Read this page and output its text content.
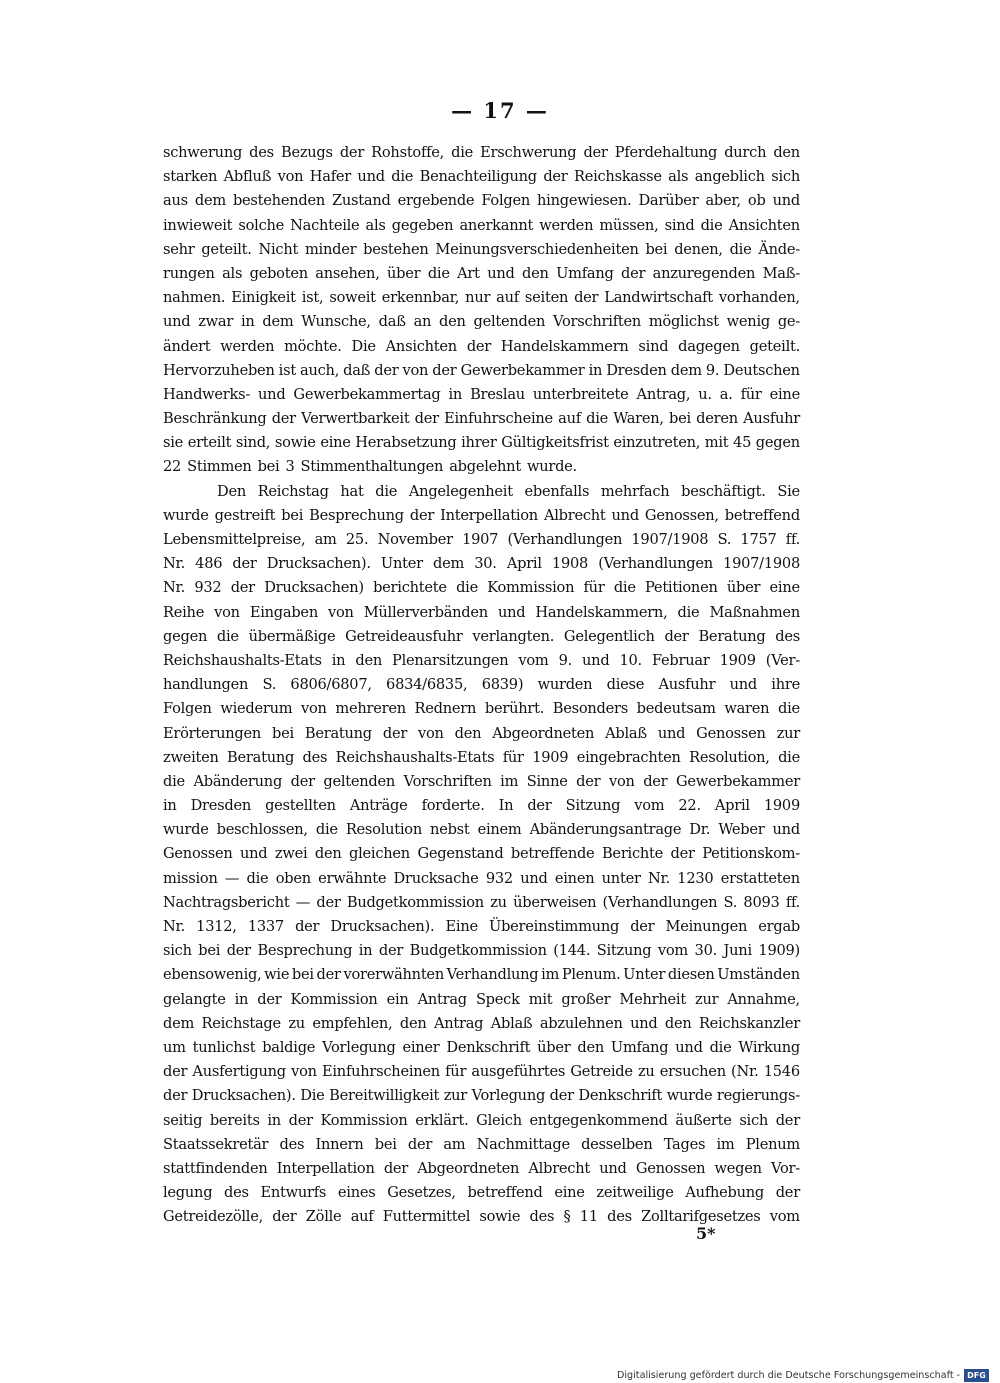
— 17 —
schwerung des Bezugs der Rohstoffe, die Erschwerung der Pferdehaltung durch den
starken Abfluß von Hafer und die Benachteiligung der Reichskasse als angeblich sich
aus dem bestehenden Zustand ergebende Folgen hingewiesen. Darüber aber, ob und
inwieweit solche Nachteile als gegeben anerkannt werden müssen, sind die Ansichten
sehr geteilt. Nicht minder bestehen Meinungsverschiedenheiten bei denen, die Ände-
rungen als geboten ansehen, über die Art und den Umfang der anzuregenden Maß-
nahmen. Einigkeit ist, soweit erkennbar, nur auf seiten der Landwirtschaft vorhanden,
und zwar in dem Wunsche, daß an den geltenden Vorschriften möglichst wenig ge-
ändert werden möchte. Die Ansichten der Handelskammern sind dagegen geteilt.
Hervorzuheben ist auch, daß der von der Gewerbekammer in Dresden dem 9. Deutschen
Handwerks- und Gewerbekammertag in Breslau unterbreitete Antrag, u. a. für eine
Beschränkung der Verwertbarkeit der Einfuhrscheine auf die Waren, bei deren Ausfuhr
sie erteilt sind, sowie eine Herabsetzung ihrer Gültigkeitsfrist einzutreten, mit 45 gegen
22 Stimmen bei 3 Stimmenthaltungen abgelehnt wurde.
Den Reichstag hat die Angelegenheit ebenfalls mehrfach beschäftigt. Sie
wurde gestreift bei Besprechung der Interpellation Albrecht und Genossen, betreffend
Lebensmittelpreise, am 25. November 1907 (Verhandlungen 1907/1908 S. 1757 ff.
Nr. 486 der Drucksachen). Unter dem 30. April 1908 (Verhandlungen 1907/1908
Nr. 932 der Drucksachen) berichtete die Kommission für die Petitionen über eine
Reihe von Eingaben von Müllerverbänden und Handelskammern, die Maßnahmen
gegen die übermäßige Getreideausfuhr verlangten. Gelegentlich der Beratung des
Reichshaushalts-Etats in den Plenarsitzungen vom 9. und 10. Februar 1909 (Ver-
handlungen S. 6806/6807, 6834/6835, 6839) wurden diese Ausfuhr und ihre
Folgen wiederum von mehreren Rednern berührt. Besonders bedeutsam waren die
Erörterungen bei Beratung der von den Abgeordneten Ablaß und Genossen zur
zweiten Beratung des Reichshaushalts-Etats für 1909 eingebrachten Resolution, die
die Abänderung der geltenden Vorschriften im Sinne der von der Gewerbekammer
in Dresden gestellten Anträge forderte. In der Sitzung vom 22. April 1909
wurde beschlossen, die Resolution nebst einem Abänderungsantrage Dr. Weber und
Genossen und zwei den gleichen Gegenstand betreffende Berichte der Petitionskom-
mission — die oben erwähnte Drucksache 932 und einen unter Nr. 1230 erstatteten
Nachtragsbericht — der Budgetkommission zu überweisen (Verhandlungen S. 8093 ff.
Nr. 1312, 1337 der Drucksachen). Eine Übereinstimmung der Meinungen ergab
sich bei der Besprechung in der Budgetkommission (144. Sitzung vom 30. Juni 1909)
ebensowenig, wie bei der vorerwähnten Verhandlung im Plenum. Unter diesen Umständen
gelangte in der Kommission ein Antrag Speck mit großer Mehrheit zur Annahme,
dem Reichstage zu empfehlen, den Antrag Ablaß abzulehnen und den Reichskanzler
um tunlichst baldige Vorlegung einer Denkschrift über den Umfang und die Wirkung
der Ausfertigung von Einfuhrscheinen für ausgeführtes Getreide zu ersuchen (Nr. 1546
der Drucksachen). Die Bereitwilligkeit zur Vorlegung der Denkschrift wurde regierungs-
seitig bereits in der Kommission erklärt. Gleich entgegenkommend äußerte sich der
Staatssekretär des Innern bei der am Nachmittage desselben Tages im Plenum
stattfindenden Interpellation der Abgeordneten Albrecht und Genossen wegen Vor-
legung des Entwurfs eines Gesetzes, betreffend eine zeitweilige Aufhebung der
Getreidezölle, der Zölle auf Futtermittel sowie des § 11 des Zolltarifgesetzes vom
5*
Digitalisierung gefördert durch die Deutsche Forschungsgemeinschaft - DFG
